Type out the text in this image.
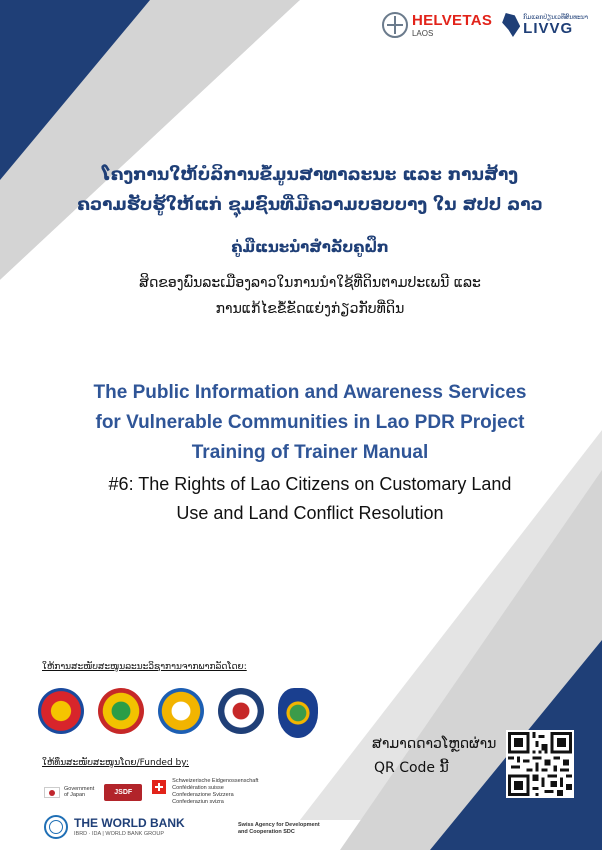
HELVETAS
LAOS
ກົມແລກປ່ຽນເວທີສົນທະນາ
LIVVG
ໂຄງການໃຫ້ບໍລິການຂໍ້ມູນສາທາລະນະ ແລະ ການສ້າງ
ຄວາມຮັບຮູ້ໃຫ້ແກ່ ຊຸມຊົນທີ່ມີຄວາມບອບບາງ ໃນ ສປປ ລາວ
ຄູ່ມືແນະນຳສຳລັບຄູຝຶກ
ສິດຂອງພົນລະເມືອງລາວໃນການນຳໃຊ້ທີ່ດິນຕາມປະເພນີ ແລະ
ການແກ້ໄຂຂໍ້ຂັດແຍ່ງກ່ຽວກັບທີ່ດິນ
The Public Information and Awareness Services
for Vulnerable Communities in Lao PDR Project
Training of Trainer Manual
#6: The Rights of Lao Citizens on Customary Land
Use and Land Conflict Resolution
ໃຫ້ການສະໜັບສະໜູນລະນະວິຊາການຈາກພາກລັດໂດຍ:
ໃຫ້ທຶນສະໜັບສະໜູນໂດຍ/Funded by:
Government
of Japan	JSDF
Schweizerische Eidgenossenschaft
Confédération suisse
Confederazione Svizzera
Confederaziun svizra
Swiss Agency for Development
and Cooperation SDC
THE WORLD BANK
IBRD · IDA | WORLD BANK GROUP
ສາມາດດາວໂຫຼດຜ່ານ
QR Code ນີ້
